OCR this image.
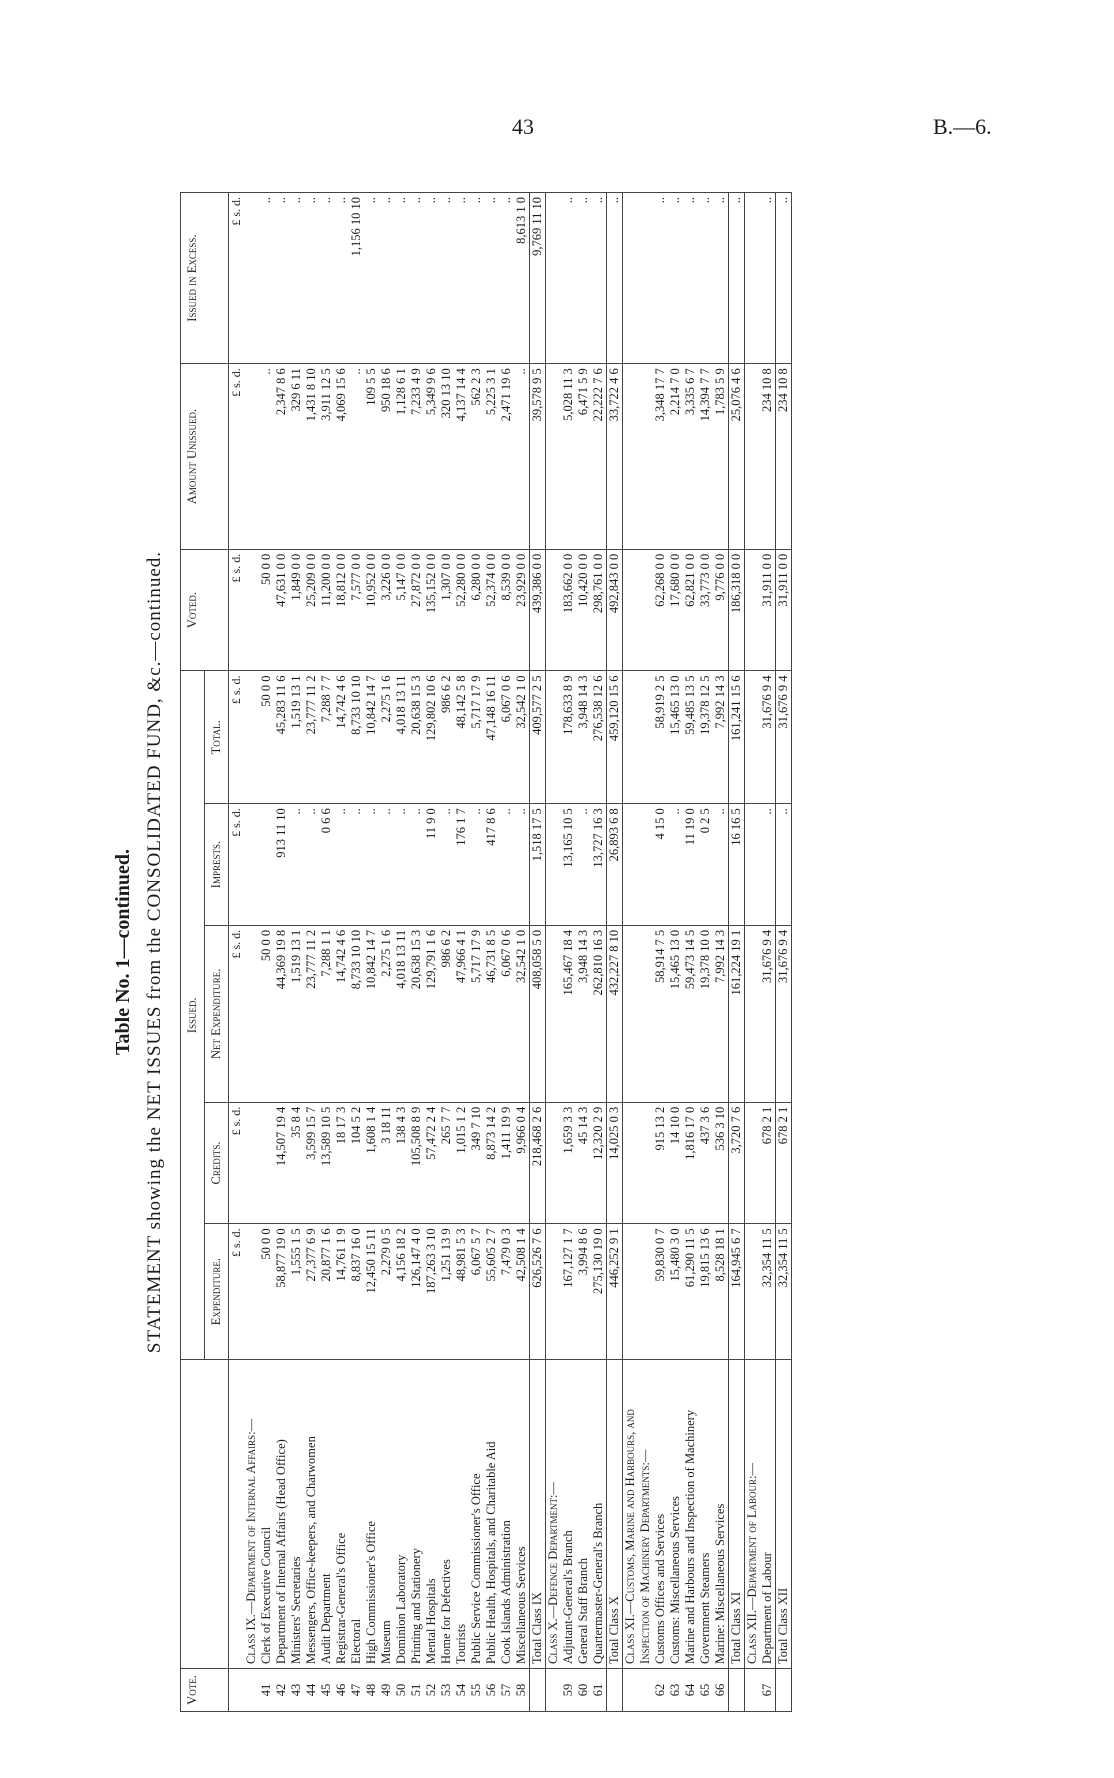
43	B.—6.
Table No. 1—continued. STATEMENT showing the NET ISSUES from the CONSOLIDATED FUND, &c.—continued.
Vote.		Issued.					Voted.	Amount Unissued.	Issued in Excess.
		Expenditure.	Credits.	Net Expenditure.	Imprests.	Total.			
		£ s. d.	£ s. d.	£ s. d.	£ s. d.	£ s. d.	£ s. d.	£ s. d.	£ s. d.
	Class IX.—Department of Internal Affairs:—								
41	Clerk of Executive Council	50 0 0		50 0 0		50 0 0	50 0 0	..	..
42	Department of Internal Affairs (Head Office)	58,877 19 0	14,507 19 4	44,369 19 8	913 11 10	45,283 11 6	47,631 0 0	2,347 8 6	..
43	Ministers' Secretaries	1,555 1 5	35 8 4	1,519 13 1	..	1,519 13 1	1,849 0 0	329 6 11	..
44	Messengers, Office-keepers, and Charwomen	27,377 6 9	3,599 15 7	23,777 11 2	..	23,777 11 2	25,209 0 0	1,431 8 10	..
45	Audit Department	20,877 1 6	13,589 10 5	7,288 1 1	0 6 6	7,288 7 7	11,200 0 0	3,911 12 5	..
46	Registrar-General's Office	14,761 1 9	18 17 3	14,742 4 6	..	14,742 4 6	18,812 0 0	4,069 15 6	..
47	Electoral	8,837 16 0	104 5 2	8,733 10 10	..	8,733 10 10	7,577 0 0	..	1,156 10 10
48	High Commissioner's Office	12,450 15 11	1,608 1 4	10,842 14 7	..	10,842 14 7	10,952 0 0	109 5 5	..
49	Museum	2,279 0 5	3 18 11	2,275 1 6	..	2,275 1 6	3,226 0 0	950 18 6	..
50	Dominion Laboratory	4,156 18 2	138 4 3	4,018 13 11	..	4,018 13 11	5,147 0 0	1,128 6 1	..
51	Printing and Stationery	126,147 4 0	105,508 8 9	20,638 15 3	..	20,638 15 3	27,872 0 0	7,233 4 9	..
52	Mental Hospitals	187,263 3 10	57,472 2 4	129,791 1 6	11 9 0	129,802 10 6	135,152 0 0	5,349 9 6	..
53	Home for Defectives	1,251 13 9	265 7 7	986 6 2	..	986 6 2	1,307 0 0	320 13 10	..
54	Tourists	48,981 5 3	1,015 1 2	47,966 4 1	176 1 7	48,142 5 8	52,280 0 0	4,137 14 4	..
55	Public Service Commissioner's Office	6,067 5 7	349 7 10	5,717 17 9	..	5,717 17 9	6,280 0 0	562 2 3	..
56	Public Health, Hospitals, and Charitable Aid	55,605 2 7	8,873 14 2	46,731 8 5	417 8 6	47,148 16 11	52,374 0 0	5,225 3 1	..
57	Cook Islands Administration	7,479 0 3	1,411 19 9	6,067 0 6	..	6,067 0 6	8,539 0 0	2,471 19 6	..
58	Miscellaneous Services	42,508 1 4	9,966 0 4	32,542 1 0	..	32,542 1 0	23,929 0 0	..	8,613 1 0
	Total Class IX	626,526 7 6	218,468 2 6	408,058 5 0	1,518 17 5	409,577 2 5	439,386 0 0	39,578 9 5	9,769 11 10
	Class X.—Defence Department:—								
59	Adjutant-General's Branch	167,127 1 7	1,659 3 3	165,467 18 4	13,165 10 5	178,633 8 9	183,662 0 0	5,028 11 3	..
60	General Staff Branch	3,994 8 6	45 14 3	3,948 14 3	..	3,948 14 3	10,420 0 0	6,471 5 9	..
61	Quartermaster-General's Branch	275,130 19 0	12,320 2 9	262,810 16 3	13,727 16 3	276,538 12 6	298,761 0 0	22,222 7 6	..
	Total Class X	446,252 9 1	14,025 0 3	432,227 8 10	26,893 6 8	459,120 15 6	492,843 0 0	33,722 4 6	..
	Class XI.—Customs, Marine and Harbours, and Inspection of Machinery Departments:—								
62	Customs Offices and Services	59,830 0 7	915 13 2	58,914 7 5	4 15 0	58,919 2 5	62,268 0 0	3,348 17 7	..
63	Customs: Miscellaneous Services	15,480 3 0	14 10 0	15,465 13 0	..	15,465 13 0	17,680 0 0	2,214 7 0	..
64	Marine and Harbours and Inspection of Machinery	61,290 11 5	1,816 17 0	59,473 14 5	11 19 0	59,485 13 5	62,821 0 0	3,335 6 7	..
65	Government Steamers	19,815 13 6	437 3 6	19,378 10 0	0 2 5	19,378 12 5	33,773 0 0	14,394 7 7	..
66	Marine: Miscellaneous Services	8,528 18 1	536 3 10	7,992 14 3	..	7,992 14 3	9,776 0 0	1,783 5 9	..
	Total Class XI	164,945 6 7	3,720 7 6	161,224 19 1	16 16 5	161,241 15 6	186,318 0 0	25,076 4 6	..
	Class XII.—Department of Labour:—								
67	Department of Labour	32,354 11 5	678 2 1	31,676 9 4	..	31,676 9 4	31,911 0 0	234 10 8	..
	Total Class XII	32,354 11 5	678 2 1	31,676 9 4	..	31,676 9 4	31,911 0 0	234 10 8	..
